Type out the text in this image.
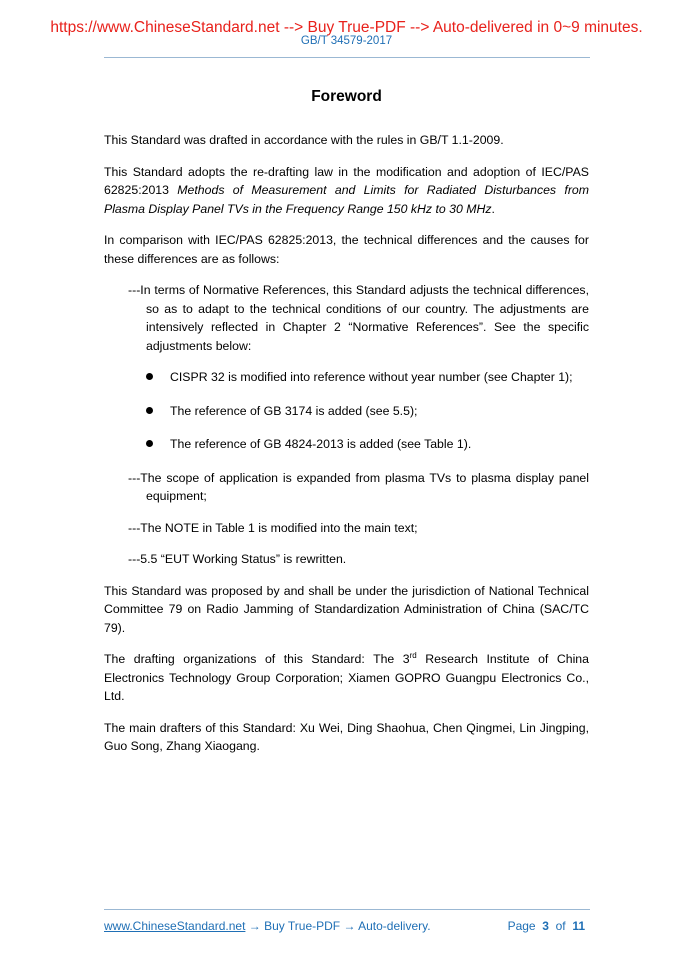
https://www.ChineseStandard.net --> Buy True-PDF --> Auto-delivered in 0~9 minutes.
GB/T 34579-2017
Foreword

This Standard was drafted in accordance with the rules in GB/T 1.1-2009.

This Standard adopts the re-drafting law in the modification and adoption of IEC/PAS 62825:2013 Methods of Measurement and Limits for Radiated Disturbances from Plasma Display Panel TVs in the Frequency Range 150 kHz to 30 MHz.

In comparison with IEC/PAS 62825:2013, the technical differences and the causes for these differences are as follows:

---In terms of Normative References, this Standard adjusts the technical differences, so as to adapt to the technical conditions of our country. The adjustments are intensively reflected in Chapter 2 “Normative References”. See the specific adjustments below:

CISPR 32 is modified into reference without year number (see Chapter 1);
The reference of GB 3174 is added (see 5.5);
The reference of GB 4824-2013 is added (see Table 1).

---The scope of application is expanded from plasma TVs to plasma display panel equipment;

---The NOTE in Table 1 is modified into the main text;

---5.5 “EUT Working Status” is rewritten.

This Standard was proposed by and shall be under the jurisdiction of National Technical Committee 79 on Radio Jamming of Standardization Administration of China (SAC/TC 79).

The drafting organizations of this Standard: The 3rd Research Institute of China Electronics Technology Group Corporation; Xiamen GOPRO Guangpu Electronics Co., Ltd.

The main drafters of this Standard: Xu Wei, Ding Shaohua, Chen Qingmei, Lin Jingping, Guo Song, Zhang Xiaogang.

www.ChineseStandard.net → Buy True-PDF → Auto-delivery.	Page 3 of 11
